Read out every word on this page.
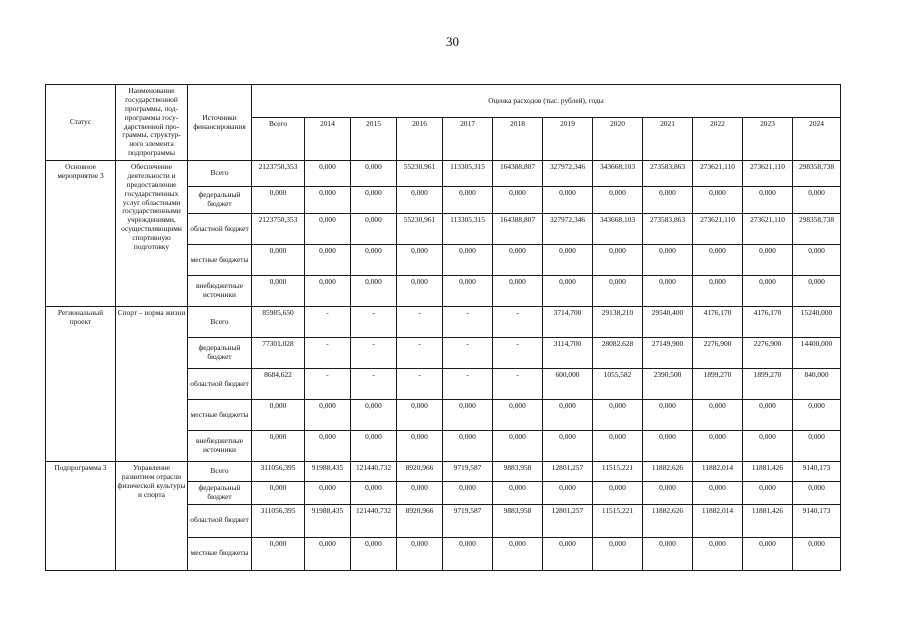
30
Статус	Наименование государственной программы, под-программы госу-дарственной про-граммы, структур-ного элемента подпрограммы	Источники финансирования	Оценка расходов (тыс. рублей), годы											
			Всего	2014	2015	2016	2017	2018	2019	2020	2021	2022	2023	2024
Основное мероприятие 3	Обеспечение деятельности и предоставление государственных услуг областными государственными учреждениями, осуществляющими спортивную подготовку	Всего	2123750,353	0,000	0,000	55230,961	113305,315	164388,807	327972,346	343668,103	273583,863	273621,110	273621,110	298358,738
		федеральный бюджет	0,000	0,000	0,000	0,000	0,000	0,000	0,000	0,000	0,000	0,000	0,000	0,000
		областной бюджет	2123750,353	0,000	0,000	55230,961	113305,315	164388,807	327972,346	343668,103	273583,863	273621,110	273621,110	298358,738
		местные бюджеты	0,000	0,000	0,000	0,000	0,000	0,000	0,000	0,000	0,000	0,000	0,000	0,000
		внебюджетные источники	0,000	0,000	0,000	0,000	0,000	0,000	0,000	0,000	0,000	0,000	0,000	0,000
Региональный проект	Спорт – норма жизни	Всего	85985,650	-	-	-	-	-	3714,700	29138,210	29540,400	4176,170	4176,170	15240,000
		федеральный бюджет	77301,028	-	-	-	-	-	3114,700	28082,628	27149,900	2276,900	2276,900	14400,000
		областной бюджет	8684,622	-	-	-	-	-	600,000	1055,582	2390,500	1899,270	1899,270	840,000
		местные бюджеты	0,000	0,000	0,000	0,000	0,000	0,000	0,000	0,000	0,000	0,000	0,000	0,000
		внебюджетные источники	0,000	0,000	0,000	0,000	0,000	0,000	0,000	0,000	0,000	0,000	0,000	0,000
Подпрограмма 3	Управление развитием отрасли физической культуры и спорта	Всего	311056,395	91988,435	121440,732	8920,966	9719,587	9883,958	12801,257	11515,221	11882,626	11882,014	11881,426	9140,173
		федеральный бюджет	0,000	0,000	0,000	0,000	0,000	0,000	0,000	0,000	0,000	0,000	0,000	0,000
		областной бюджет	311056,395	91988,435	121440,732	8920,966	9719,587	9883,958	12801,257	11515,221	11882,626	11882,014	11881,426	9140,173
		местные бюджеты	0,000	0,000	0,000	0,000	0,000	0,000	0,000	0,000	0,000	0,000	0,000	0,000
